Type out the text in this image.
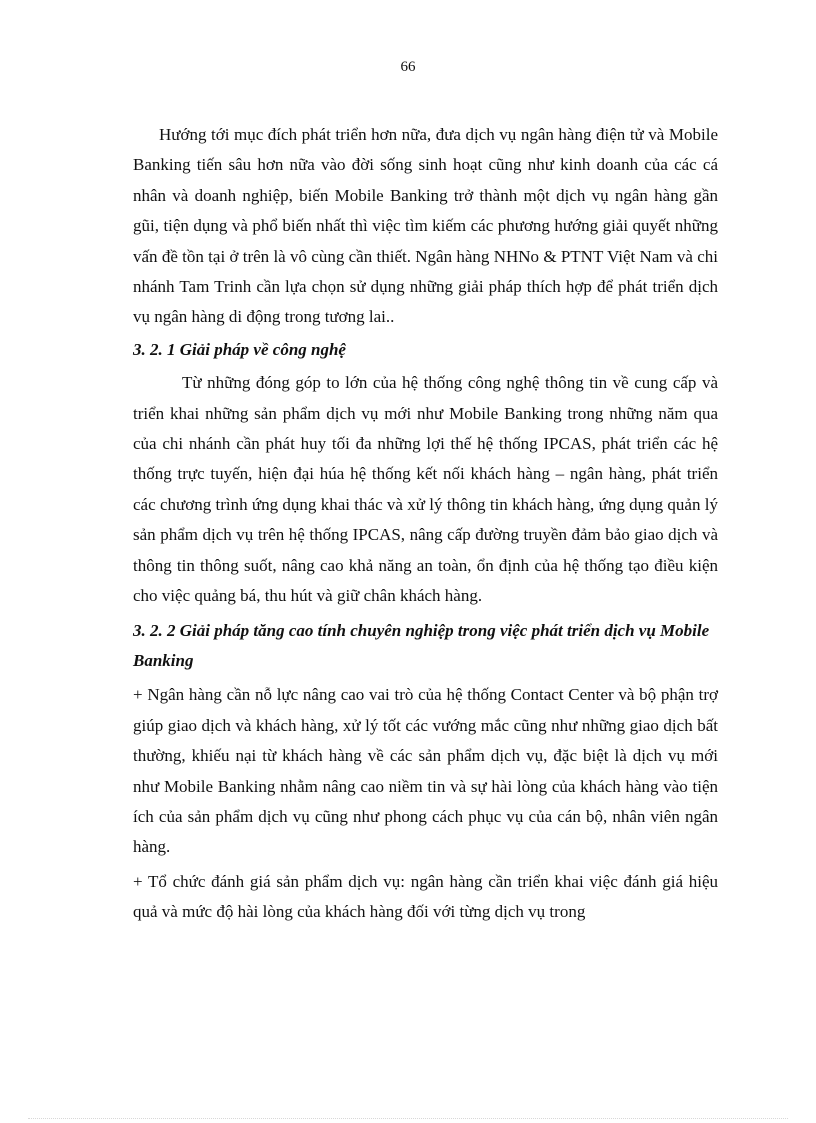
66

Hướng tới mục đích phát triển hơn nữa, đưa dịch vụ ngân hàng điện tử và Mobile Banking tiến sâu hơn nữa vào đời sống sinh hoạt cũng như kinh doanh của các cá nhân và doanh nghiệp, biến Mobile Banking trở thành một dịch vụ ngân hàng gần gũi, tiện dụng và phổ biến nhất thì việc tìm kiếm các phương hướng giải quyết những vấn đề tồn tại ở trên là vô cùng cần thiết. Ngân hàng NHNo & PTNT Việt Nam và chi nhánh Tam Trinh cần lựa chọn sử dụng những giải pháp thích hợp để phát triển dịch vụ ngân hàng di động trong tương lai..

3. 2. 1 Giải pháp về công nghệ

Từ những đóng góp to lớn của hệ thống công nghệ thông tin về cung cấp và triển khai những sản phẩm dịch vụ mới như Mobile Banking trong những năm qua của chi nhánh cần phát huy tối đa những lợi thế hệ thống IPCAS, phát triển các hệ thống trực tuyến, hiện đại húa hệ thống kết nối khách hàng – ngân hàng, phát triển các chương trình ứng dụng khai thác và xử lý thông tin khách hàng, ứng dụng quản lý sản phẩm dịch vụ trên hệ thống IPCAS, nâng cấp đường truyền đảm bảo giao dịch và thông tin thông suốt, nâng cao khả năng an toàn, ổn định của hệ thống tạo điều kiện cho việc quảng bá, thu hút và giữ chân khách hàng.

3. 2. 2 Giải pháp tăng cao tính chuyên nghiệp trong việc phát triển dịch vụ Mobile Banking

+ Ngân hàng cần nỗ lực nâng cao vai trò của hệ thống Contact Center và bộ phận trợ giúp giao dịch và khách hàng, xử lý tốt các vướng mắc cũng như những giao dịch bất thường, khiếu nại từ khách hàng về các sản phẩm dịch vụ, đặc biệt là dịch vụ mới như Mobile Banking nhằm nâng cao niềm tin và sự hài lòng của khách hàng vào tiện ích của sản phẩm dịch vụ cũng như phong cách phục vụ của cán bộ, nhân viên ngân hàng.

+ Tổ chức đánh giá sản phẩm dịch vụ: ngân hàng cần triển khai việc đánh giá hiệu quả và mức độ hài lòng của khách hàng đối với từng dịch vụ trong
